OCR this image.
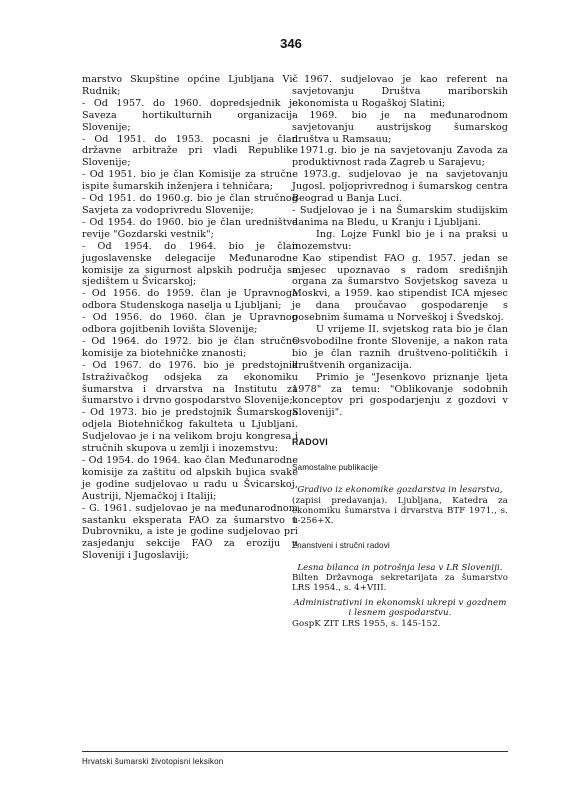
346

marstvo Skupštine općine Ljubljana Vič Rudnik;

- Od 1957. do 1960. dopredsjednik je Saveza hortikulturnih organizacija Slovenije;

- Od 1951. do 1953. pocasni je član državne arbitraže pri vladi Republike Slovenije;

- Od 1951. bio je član Komisije za stručne ispite šumarskih inženjera i tehničara;

- Od 1951. do 1960.g. bio je član stručnog Savjeta za vodoprivredu Slovenije;

- Od 1954. do 1960. bio je član uredništva revije "Gozdarski vestnik";

- Od 1954. do 1964. bio je član jugoslavenske delegacije Međunarodne komisije za sigurnost alpskih područja sa sjedištem u Švicarskoj;

- Od 1956. do 1959. član je Upravnoga odbora Studenskoga naselja u Ljubljani;

- Od 1956. do 1960. član je Upravnog odbora gojitbenih lovišta Slovenije;

- Od 1964. do 1972. bio je član stručne komisije za biotehničke znanosti;

- Od 1967. do 1976. bio je predstojnik Istraživačkog odsjeka za ekonomiku šumarstva i drvarstva na Institutu za šumarstvo i drvno gospodarstvo Slovenije;

- Od 1973. bio je predstojnik Šumarskoga odjela Biotehničkog fakulteta u Ljubljani. Sudjelovao je i na velikom broju kongresa i stručnih skupova u zemlji i inozemstvu:

- Od 1954. do 1964. kao član Međunarodne komisije za zaštitu od alpskih bujica svake je godine sudjelovao u radu u Švicarskoj, Austriji, Njemačkoj i Italiji;

- G. 1961. sudjelovao je na međunarodnom sastanku eksperata FAO za šumarstvo u Dubrovniku, a iste je godine sudjelovao pri zasjedanju sekcije FAO za eroziju u Sloveniji i Jugoslaviji;

- 1967. sudjelovao je kao referent na savjetovanju Društva mariborskih ekonomista u Rogaškoj Slatini;

- 1969. bio je na međunarodnom savjetovanju austrijskog šumarskog društva u Ramsauu;

- 1971.g. bio je na savjetovanju Zavoda za produktivnost rada Zagreb u Sarajevu;

- 1973.g. sudjelovao je na savjetovanju Jugosl. poljoprivrednog i šumarskog centra Beograd u Banja Luci.

- Sudjelovao je i na Šumarskim studijskim danima na Bledu, u Kranju i Ljubljani.

Ing. Lojze Funkl bio je i na praksi u inozemstvu:

- Kao stipendist FAO g. 1957. jedan se mjesec upoznavao s radom središnjih organa za šumarstvo Sovjetskog saveza u Moskvi, a 1959. kao stipendist ICA mjesec je dana proučavao gospodarenje s posebnim šumama u Norveškoj i Švedskoj.

U vrijeme II. svjetskog rata bio je član Osvobodilne fronte Slovenije, a nakon rata bio je član raznih društveno-političkih i društvenih organizacija.

Primio je "Jesenkovo priznanje ljeta 1978" za temu: "Oblikovanje sodobnih konceptov pri gospodarjenju z gozdovi v Sloveniji".

RADOVI

Samostalne publikacije

Gradivo iz ekonomike gozdarstva in lesarstva,
(zapisi predavanja). Ljubljana, Katedra za ekonomiku šumarstva i drvarstva BTF 1971., s. 1-256+X.

Znanstveni i stručni radovi

Lesna bilanca in potrošnja lesa v LR Sloveniji.
Bilten Državnoga sekretarijata za šumarstvo LRS 1954., s. 4+VIII.

Administrativni in ekonomski ukrepi v gozdnem i lesnem gospodarstvu.
GospK ZIT LRS 1955, s. 145-152.

Hrvatski šumarski životopisni leksikon
